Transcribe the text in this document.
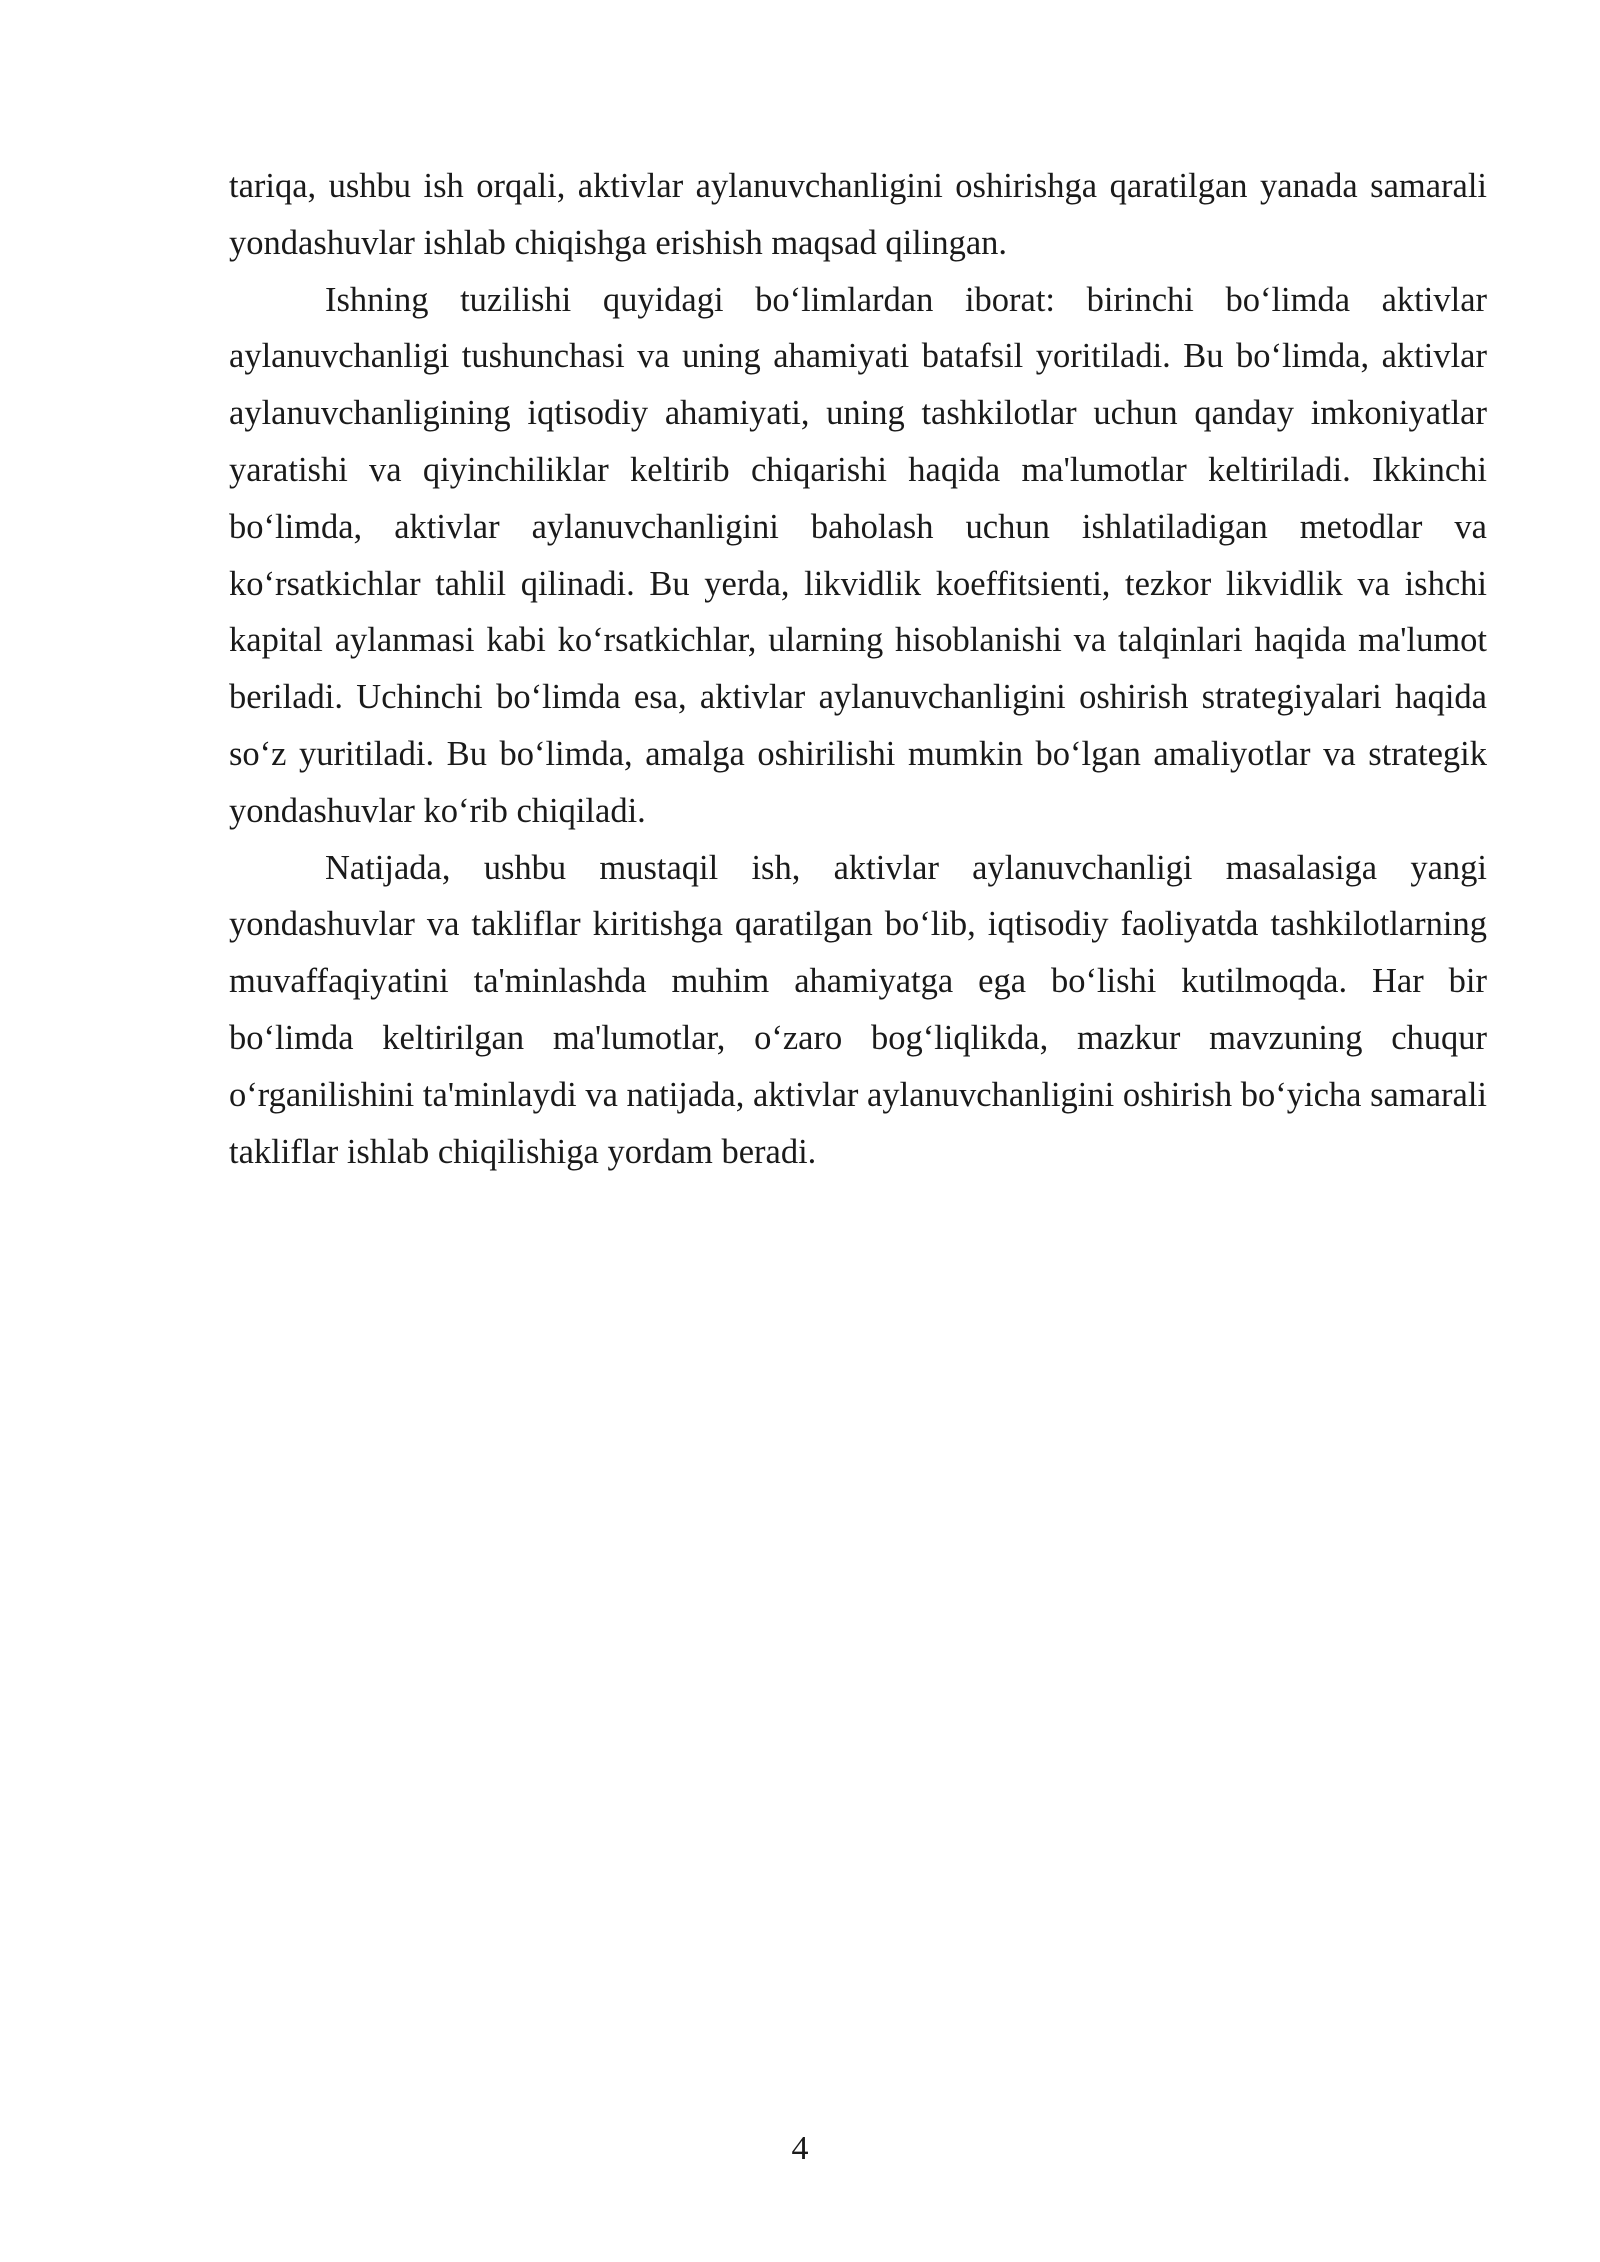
tariqa, ushbu ish orqali, aktivlar aylanuvchanligini oshirishga qaratilgan yanada samarali yondashuvlar ishlab chiqishga erishish maqsad qilingan.

Ishning tuzilishi quyidagi bo‘limlardan iborat: birinchi bo‘limda aktivlar aylanuvchanligi tushunchasi va uning ahamiyati batafsil yoritiladi. Bu bo‘limda, aktivlar aylanuvchanligining iqtisodiy ahamiyati, uning tashkilotlar uchun qanday imkoniyatlar yaratishi va qiyinchiliklar keltirib chiqarishi haqida ma'lumotlar keltiriladi. Ikkinchi bo‘limda, aktivlar aylanuvchanligini baholash uchun ishlatiladigan metodlar va ko‘rsatkichlar tahlil qilinadi. Bu yerda, likvidlik koeffitsienti, tezkor likvidlik va ishchi kapital aylanmasi kabi ko‘rsatkichlar, ularning hisoblanishi va talqinlari haqida ma'lumot beriladi. Uchinchi bo‘limda esa, aktivlar aylanuvchanligini oshirish strategiyalari haqida so‘z yuritiladi. Bu bo‘limda, amalga oshirilishi mumkin bo‘lgan amaliyotlar va strategik yondashuvlar ko‘rib chiqiladi.

Natijada, ushbu mustaqil ish, aktivlar aylanuvchanligi masalasiga yangi yondashuvlar va takliflar kiritishga qaratilgan bo‘lib, iqtisodiy faoliyatda tashkilotlarning muvaffaqiyatini ta'minlashda muhim ahamiyatga ega bo‘lishi kutilmoqda. Har bir bo‘limda keltirilgan ma'lumotlar, o‘zaro bog‘liqlikda, mazkur mavzuning chuqur o‘rganilishini ta'minlaydi va natijada, aktivlar aylanuvchanligini oshirish bo‘yicha samarali takliflar ishlab chiqilishiga yordam beradi.

4
